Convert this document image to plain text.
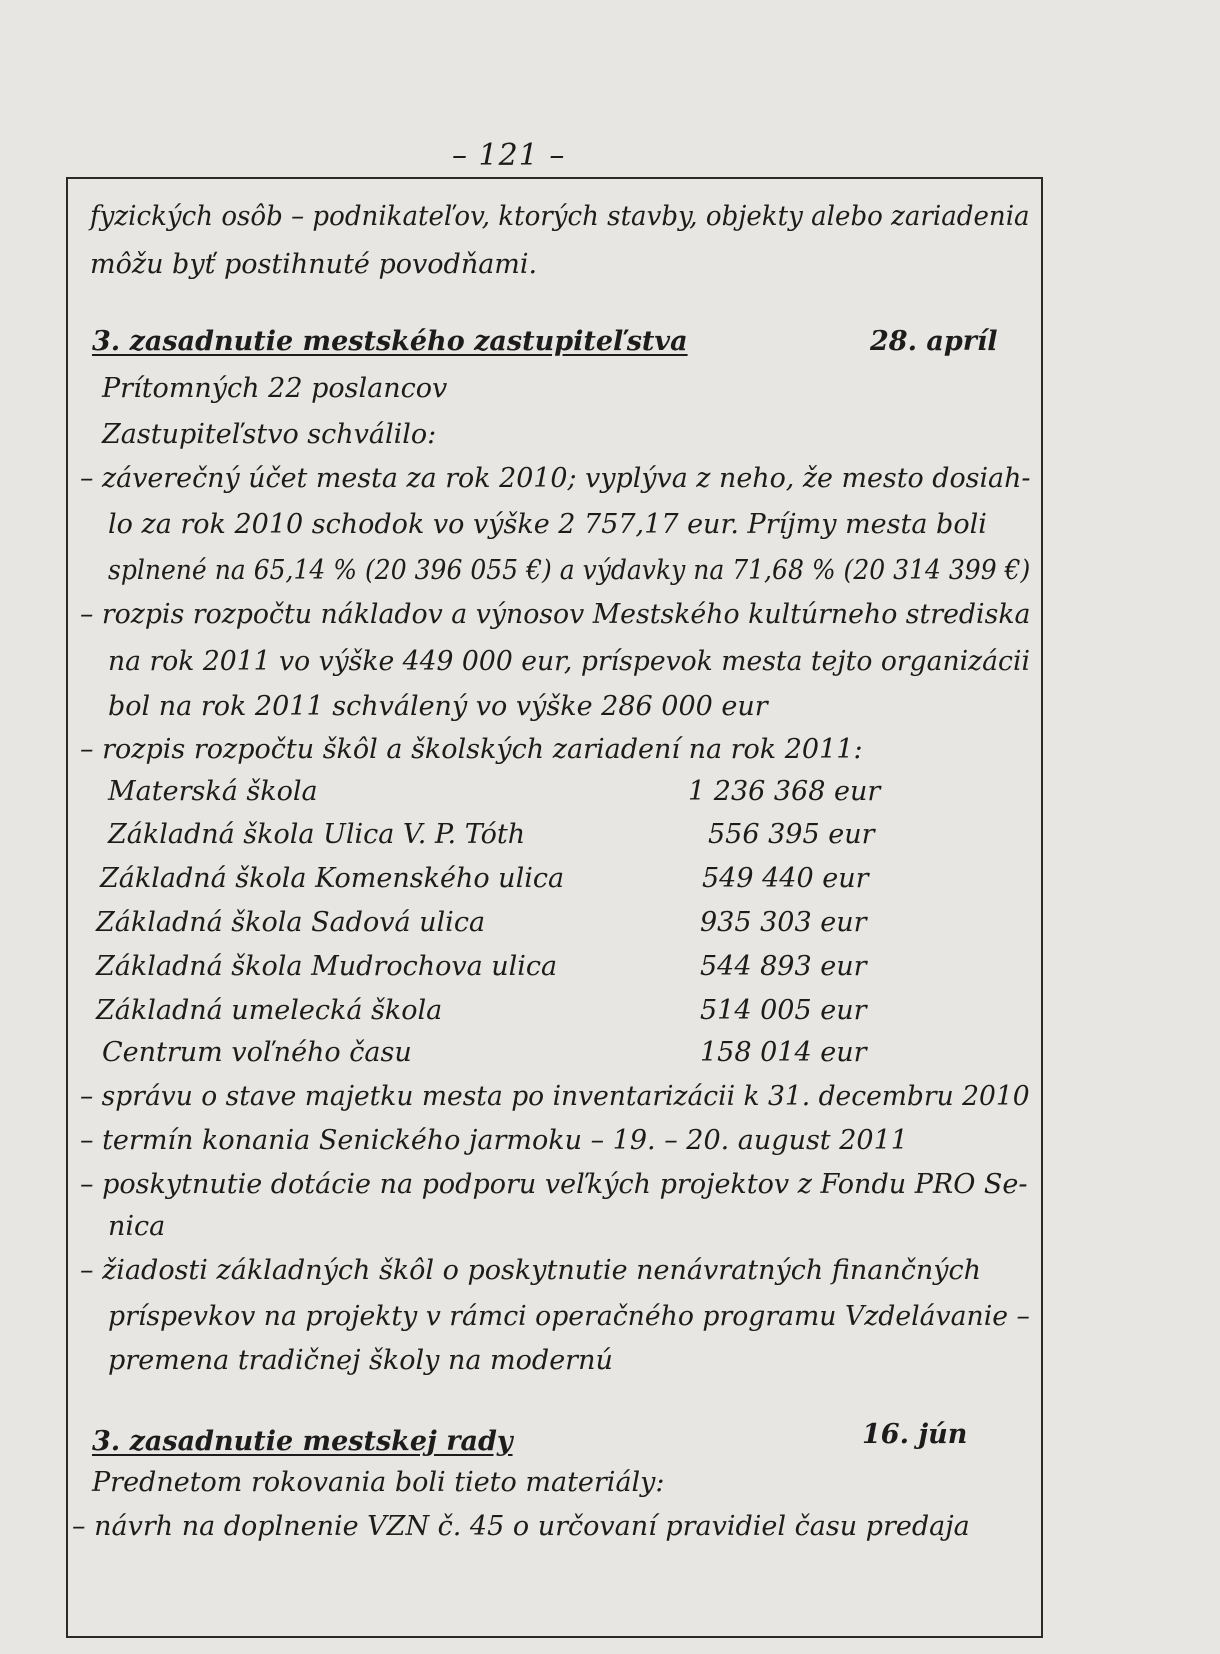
– 121 –
fyzických osôb – podnikateľov, ktorých stavby, objekty alebo zariadenia
môžu byť postihnuté povodňami.
3. zasadnutie mestského zastupiteľstva	28. apríl
Prítomných 22 poslancov
Zastupiteľstvo schválilo:
– záverečný účet mesta za rok 2010; vyplýva z neho, že mesto dosiah-
lo za rok 2010 schodok vo výške 2 757,17 eur. Príjmy mesta boli
splnené na 65,14 % (20 396 055 €) a výdavky na 71,68 % (20 314 399 €)
– rozpis rozpočtu nákladov a výnosov Mestského kultúrneho strediska
na rok 2011 vo výške 449 000 eur, príspevok mesta tejto organizácii
bol na rok 2011 schválený vo výške 286 000 eur
– rozpis rozpočtu škôl a školských zariadení na rok 2011:
Materská škola	1 236 368 eur
Základná škola Ulica V. P. Tóth	556 395 eur
Základná škola Komenského ulica	549 440 eur
Základná škola Sadová ulica	935 303 eur
Základná škola Mudrochova ulica	544 893 eur
Základná umelecká škola	514 005 eur
Centrum voľného času	158 014 eur
– správu o stave majetku mesta po inventarizácii k 31. decembru 2010
– termín konania Senického jarmoku – 19. – 20. august 2011
– poskytnutie dotácie na podporu veľkých projektov z Fondu PRO Se-
nica
– žiadosti základných škôl o poskytnutie nenávratných finančných
príspevkov na projekty v rámci operačného programu Vzdelávanie –
premena tradičnej školy na modernú
3. zasadnutie mestskej rady	16. jún
Prednetom rokovania boli tieto materiály:
– návrh na doplnenie VZN č. 45 o určovaní pravidiel času predaja
